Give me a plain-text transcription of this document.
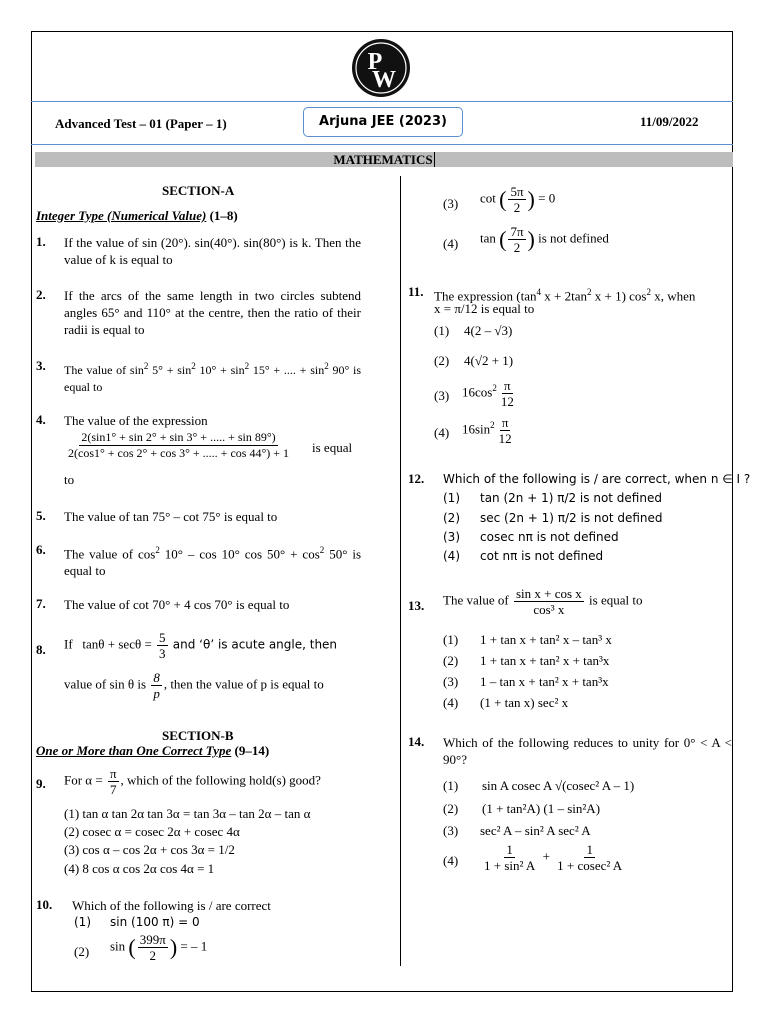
P
W
Advanced Test – 01 (Paper – 1)	Arjuna JEE (2023)	11/09/2022
MATHEMATICS
SECTION-A
Integer Type (Numerical Value) (1–8)
1. If the value of sin (20°). sin(40°). sin(80°) is k. Then the value of k is equal to
2. If the arcs of the same length in two circles subtend angles 65° and 110° at the centre, then the ratio of their radii is equal to
3. The value of $\sin^2 5^\circ + \sin^2 10^\circ + \sin^2 15^\circ$ + .... + $\sin^2 90^\circ$ is equal to
4. The value of the expression
$\frac{2(\sin 1^\circ + \sin 2^\circ + \sin 3^\circ + ..... + \sin 89^\circ)}{2(\cos 1^\circ + \cos 2^\circ + \cos 3^\circ + ..... + \cos 44^\circ) + 1}$ is equal
to
5. The value of tan 75° – cot 75° is equal to
6. The value of $\cos^2 10^\circ$ – cos 10° $\cos 50^\circ + \cos^2 50^\circ$ is equal to
7. The value of cot 70° + 4 cos 70° is equal to
8. If $\tan\theta + \sec\theta = \frac{5}{3}$ and ‘θ’ is acute angle, then
value of sin θ is $\frac{8}{p}$ , then the value of p is equal to
SECTION-B
One or More than One Correct Type (9–14)
9. For $\alpha = \frac{\pi}{7}$ , which of the following hold(s) good?
(1) tan α tan 2α tan 3α = tan 3α – tan 2α – tan α
(2) cosec α = cosec 2α + cosec 4α
(3) cos α – cos 2α + cos 3α = 1/2
(4) 8 cos α cos 2α cos 4α = 1
10. Which of the following is / are correct
(1) sin (100 π) = 0
(2) sin ( $\frac{399\pi}{2}$ ) = – 1
(3) cot ( $\frac{5\pi}{2}$ ) = 0
(4) tan ( $\frac{7\pi}{2}$ ) is not defined
11. The expression ($\tan^4$ $x + 2\tan^2$ x + 1) $\cos^2 x$, when
x = π/12 is equal to
(1) 4(2 – √3)
(2) 4(√2 + 1)
(3) $16\cos^2 \frac{\pi}{12}$
(4) $16\sin^2 \frac{\pi}{12}$
12. Which of the following is / are correct, when n ∈ I ?
(1) tan (2n + 1) π/2 is not defined
(2) sec (2n + 1) π/2 is not defined
(3) cosec nπ is not defined
(4) cot nπ is not defined
13. The value of $\frac{\text{sin x + cos x}}{\text{cos³ x}}$ is equal to
(1) 1 + tan x + tan² x – tan³ x
(2) 1 + tan x + tan² x + tan³x
(3) 1 – tan x + tan² x + tan³x
(4) (1 + tan x) sec² x
14. Which of the following reduces to unity for 0° < A < 90°?
(1) sin A cosec A √(cosec² A – 1)
(2) (1 + tan²A) (1 – sin²A)
(3) sec² A – sin² A sec² A
$(4) \frac{1}{\text{1 + sin² A}} + \frac{1}{\text{1 + cosec² A}}$
